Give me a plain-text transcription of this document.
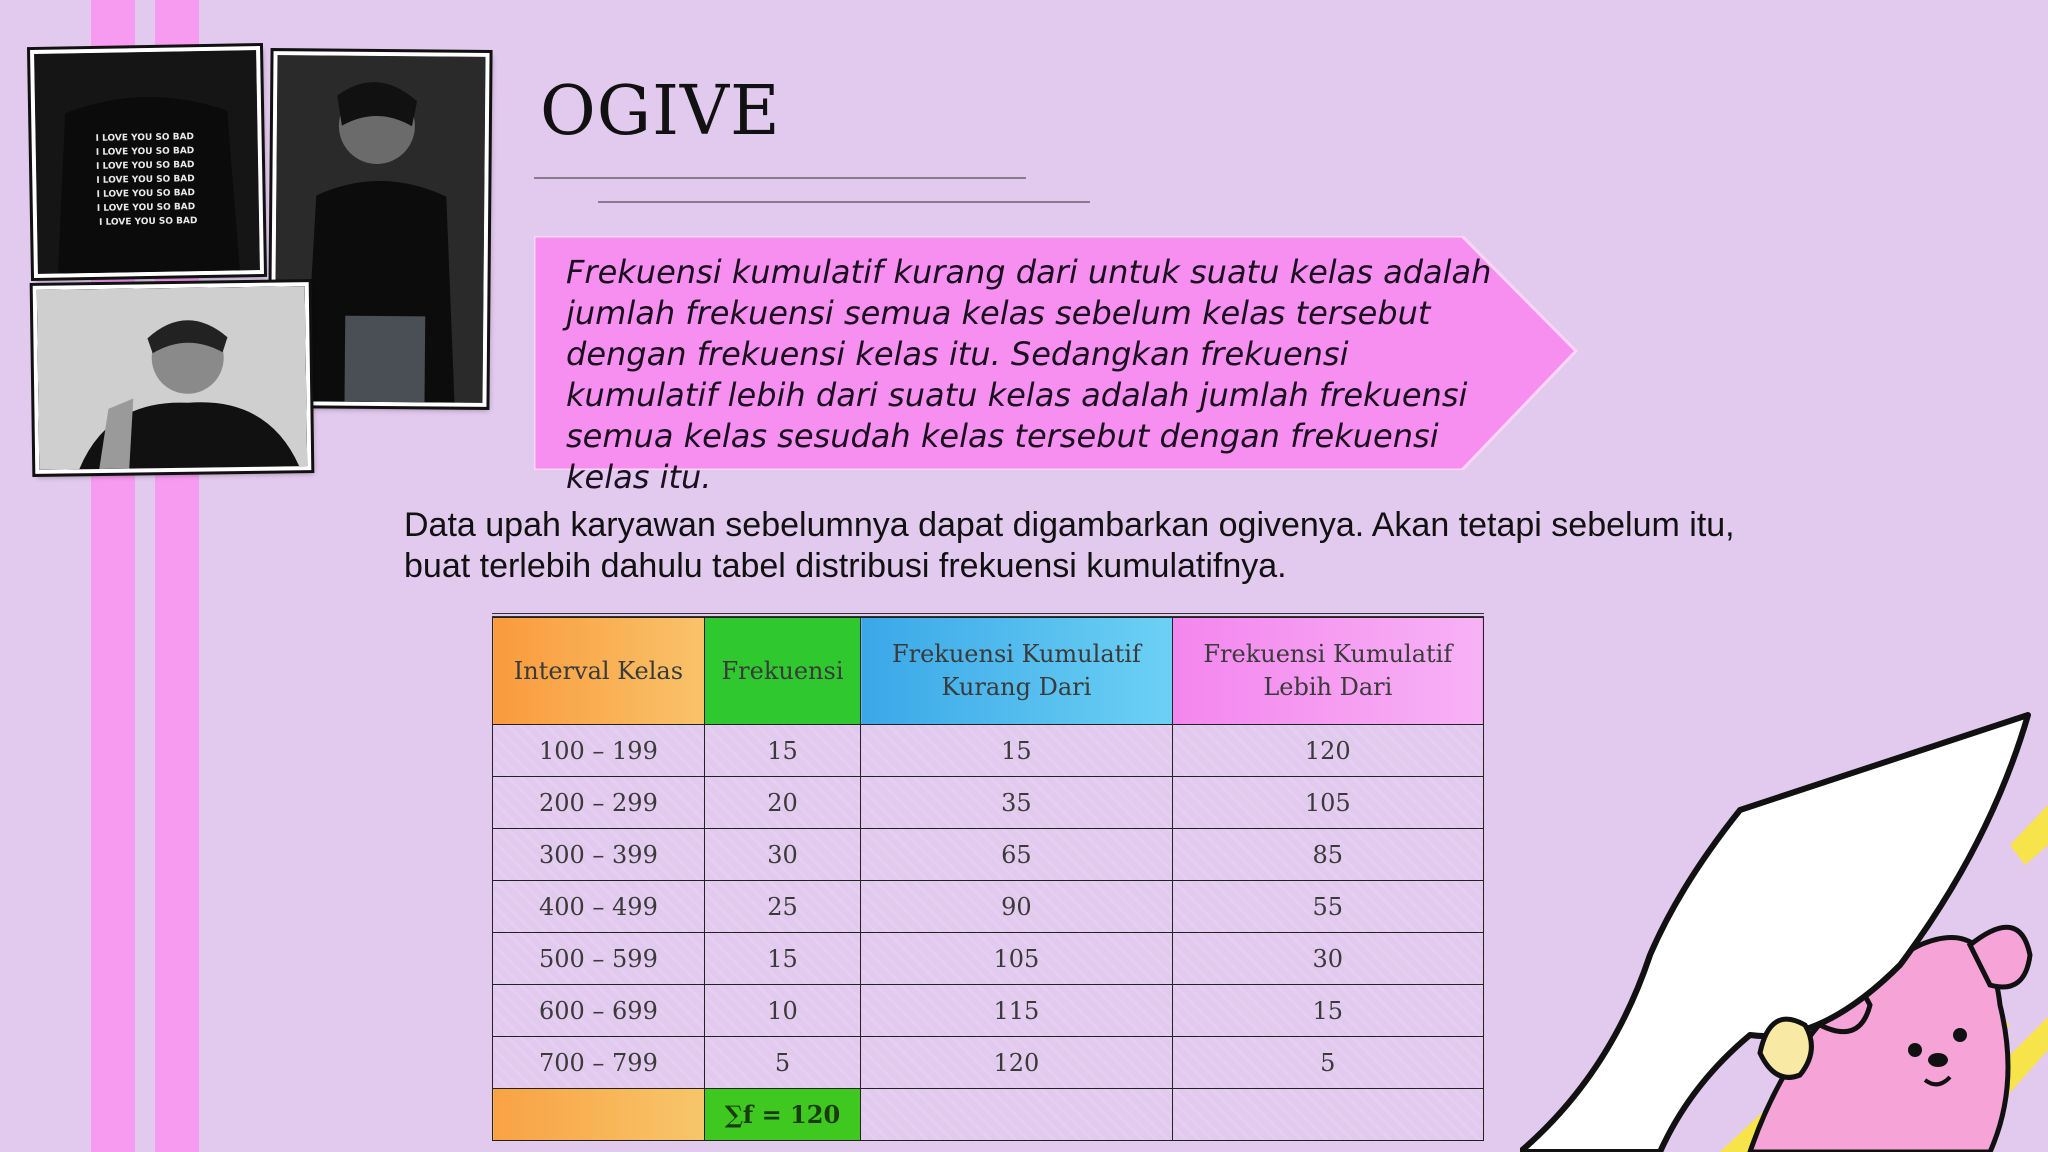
I LOVE YOU SO BAD
I LOVE YOU SO BAD
I LOVE YOU SO BAD
I LOVE YOU SO BAD
I LOVE YOU SO BAD
I LOVE YOU SO BAD
I LOVE YOU SO BAD
OGIVE
Frekuensi kumulatif kurang dari untuk suatu kelas adalah jumlah frekuensi semua kelas sebelum kelas tersebut dengan frekuensi kelas itu. Sedangkan frekuensi kumulatif lebih dari suatu kelas adalah jumlah frekuensi semua kelas sesudah kelas tersebut dengan frekuensi kelas itu.
Data upah karyawan sebelumnya dapat digambarkan ogivenya. Akan tetapi sebelum itu, buat terlebih dahulu tabel distribusi frekuensi kumulatifnya.
Interval Kelas	Frekuensi	Frekuensi Kumulatif Kurang Dari	Frekuensi Kumulatif Lebih Dari
100 – 199	15	15	120
200 – 299	20	35	105
300 – 399	30	65	85
400 – 499	25	90	55
500 – 599	15	105	30
600 – 699	10	115	15
700 – 799	5	120	5
	∑f = 120		
